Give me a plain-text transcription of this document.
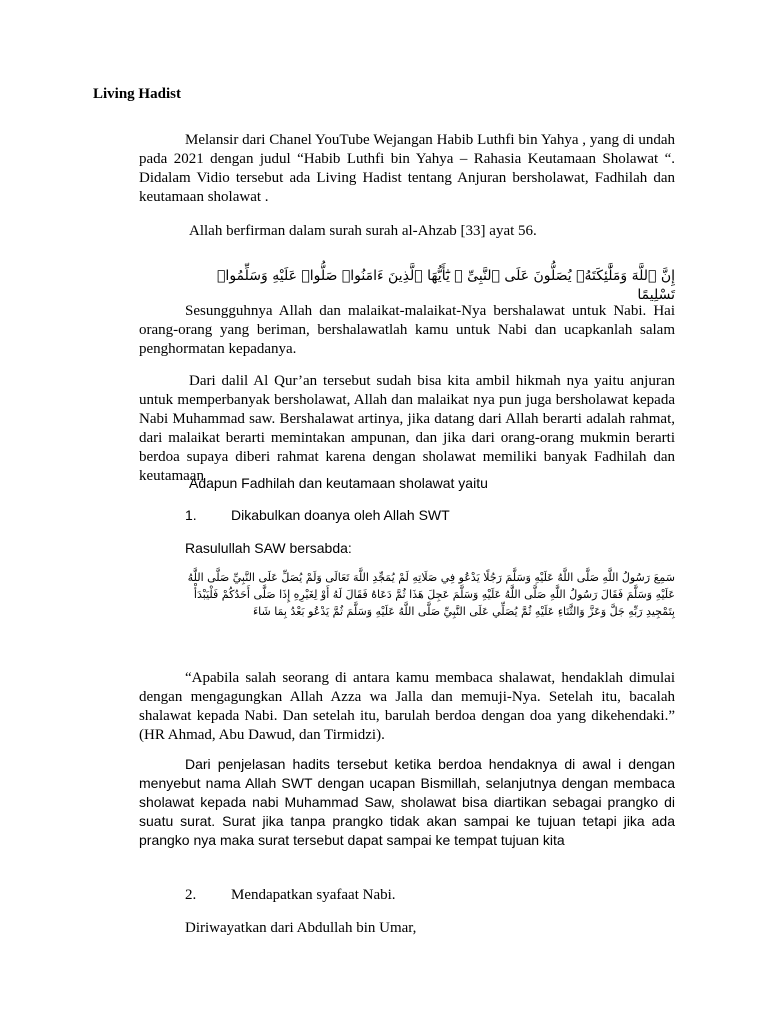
Living Hadist

Melansir dari Chanel YouTube Wejangan Habib Luthfi bin Yahya , yang di undah pada 2021 dengan judul “Habib Luthfi bin Yahya – Rahasia Keutamaan Sholawat “. Didalam Vidio tersebut ada Living Hadist tentang Anjuran bersholawat, Fadhilah dan keutamaan sholawat .

Allah berfirman dalam surah surah al-Ahzab [33] ayat 56.

إِنَّ ٱللَّهَ وَمَلَّٰئِكَتَهُۥ يُصَلُّونَ عَلَى ٱلنَّبِىِّ ۚ يَٰٓأَيُّهَا ٱلَّذِينَ ءَامَنُوا۟ صَلُّوا۟ عَلَيْهِ وَسَلِّمُوا۟ تَسْلِيمًا

Sesungguhnya Allah dan malaikat-malaikat-Nya bershalawat untuk Nabi. Hai orang-orang yang beriman, bershalawatlah kamu untuk Nabi dan ucapkanlah salam penghormatan kepadanya.

Dari dalil Al Qur’an tersebut sudah bisa kita ambil hikmah nya yaitu anjuran untuk memperbanyak bersholawat, Allah dan malaikat nya pun juga bersholawat kepada Nabi Muhammad saw. Bershalawat artinya, jika datang dari Allah berarti adalah rahmat, dari malaikat berarti memintakan ampunan, dan jika dari orang-orang mukmin berarti berdoa supaya diberi rahmat karena dengan sholawat memiliki banyak Fadhilah dan keutamaan

Adapun Fadhilah dan keutamaan sholawat yaitu

1. Dikabulkan doanya oleh Allah SWT

Rasulullah SAW bersabda:

سَمِعَ رَسُولُ اللَّهِ صَلَّى اللَّهُ عَلَيْهِ وَسَلَّمَ رَجُلًا يَدْعُو فِي صَلَاتِهِ لَمْ يُمَجِّدِ اللَّهَ تَعَالَى وَلَمْ يُصَلِّ عَلَى النَّبِيِّ صَلَّى اللَّهُ عَلَيْهِ وَسَلَّمَ فَقَالَ رَسُولُ اللَّهِ صَلَّى اللَّهُ عَلَيْهِ وَسَلَّمَ عَجِلَ هَذَا ثُمَّ دَعَاهُ فَقَالَ لَهُ أَوْ لِغَيْرِهِ إِذَا صَلَّى أَحَدُكُمْ فَلْيَبْدَأْ بِتَمْجِيدِ رَبِّهِ جَلَّ وَعَزَّ وَالثَّنَاءِ عَلَيْهِ ثُمَّ يُصَلِّي عَلَى النَّبِيِّ صَلَّى اللَّهُ عَلَيْهِ وَسَلَّمَ ثُمَّ يَدْعُو بَعْدُ بِمَا شَاءَ

“Apabila salah seorang di antara kamu membaca shalawat, hendaklah dimulai dengan mengagungkan Allah Azza wa Jalla dan memuji-Nya. Setelah itu, bacalah shalawat kepada Nabi. Dan setelah itu, barulah berdoa dengan doa yang dikehendaki.” (HR Ahmad, Abu Dawud, dan Tirmidzi).

Dari penjelasan hadits tersebut ketika berdoa hendaknya di awal i dengan menyebut nama Allah SWT dengan ucapan Bismillah, selanjutnya dengan membaca sholawat kepada nabi Muhammad Saw, sholawat bisa diartikan sebagai prangko di suatu surat. Surat jika tanpa prangko tidak akan sampai ke tujuan tetapi jika ada prangko nya maka surat tersebut dapat sampai ke tempat tujuan kita

2. Mendapatkan syafaat Nabi.

Diriwayatkan dari Abdullah bin Umar,
